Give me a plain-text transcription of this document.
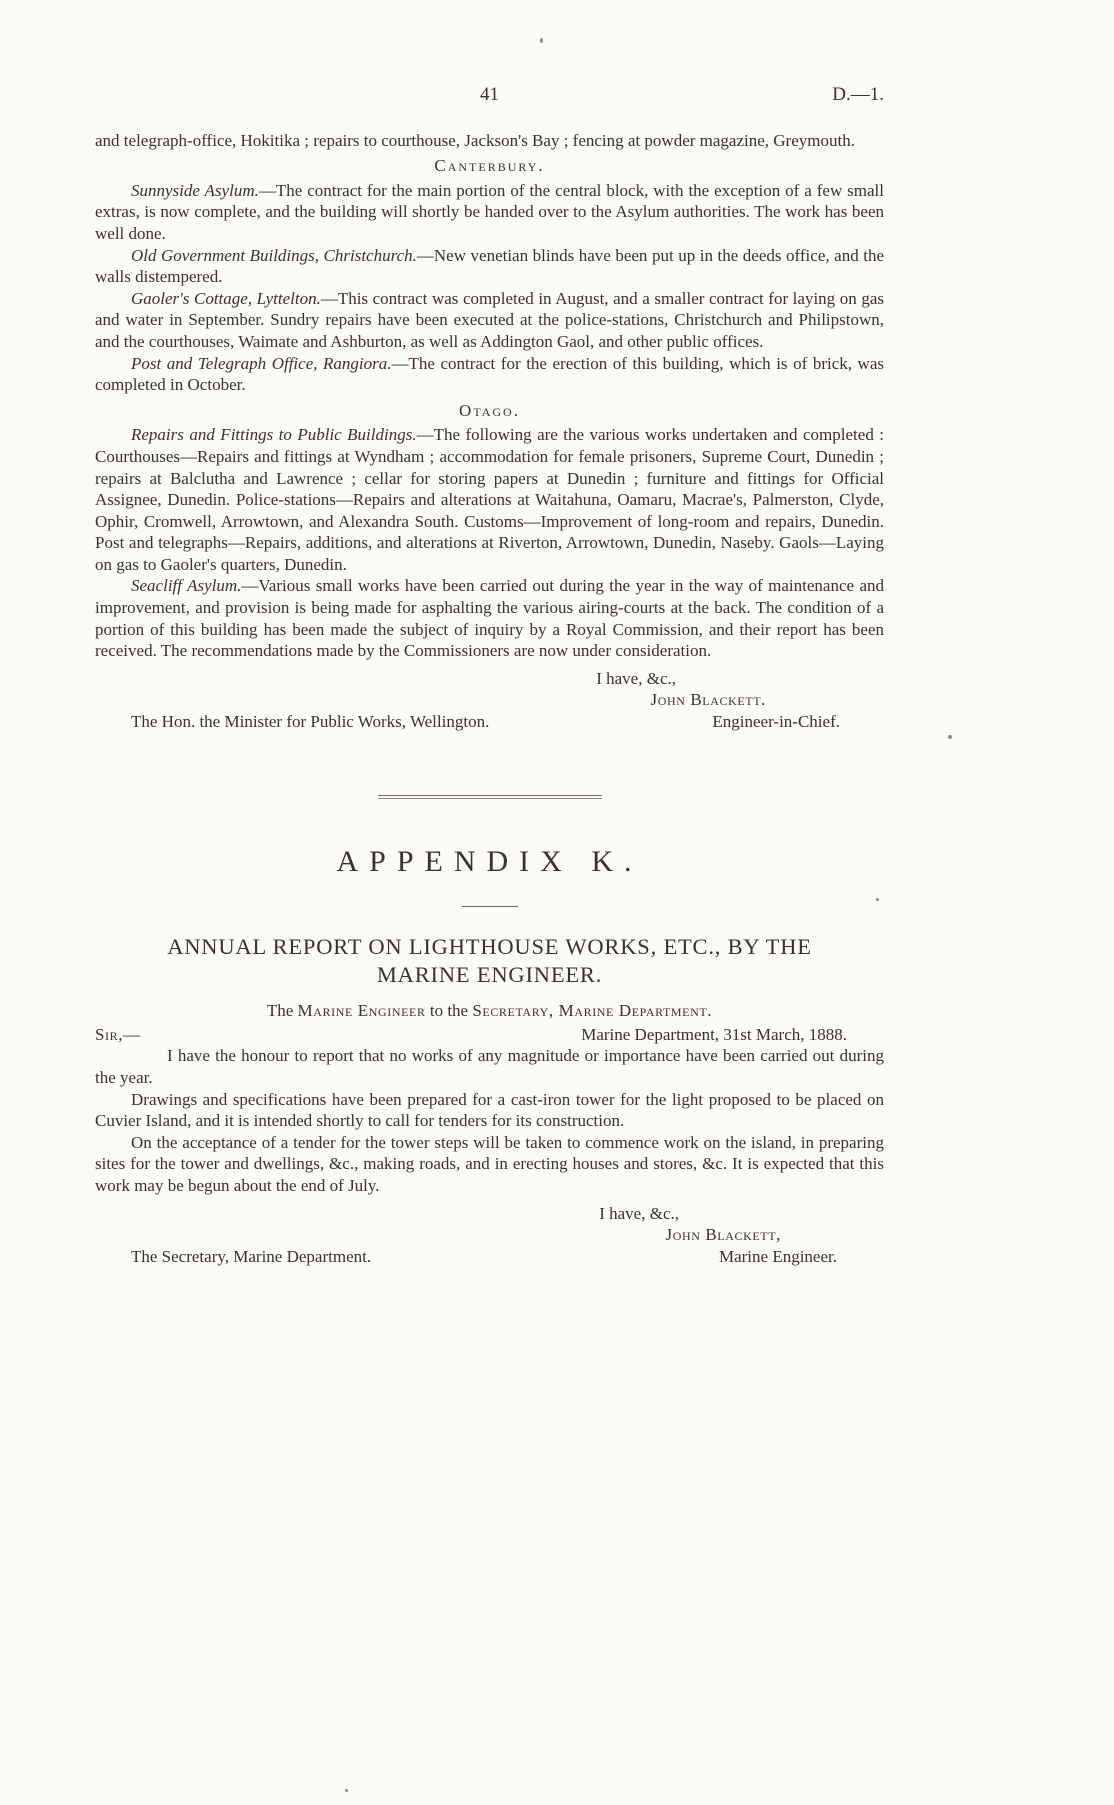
41	D.—1.

and telegraph-office, Hokitika ; repairs to courthouse, Jackson's Bay ; fencing at powder magazine, Greymouth.

Canterbury.

Sunnyside Asylum.—The contract for the main portion of the central block, with the exception of a few small extras, is now complete, and the building will shortly be handed over to the Asylum authorities. The work has been well done.

Old Government Buildings, Christchurch.—New venetian blinds have been put up in the deeds office, and the walls distempered.

Gaoler's Cottage, Lyttelton.—This contract was completed in August, and a smaller contract for laying on gas and water in September. Sundry repairs have been executed at the police-stations, Christchurch and Philipstown, and the courthouses, Waimate and Ashburton, as well as Addington Gaol, and other public offices.

Post and Telegraph Office, Rangiora.—The contract for the erection of this building, which is of brick, was completed in October.

Otago.

Repairs and Fittings to Public Buildings.—The following are the various works undertaken and completed : Courthouses—Repairs and fittings at Wyndham ; accommodation for female prisoners, Supreme Court, Dunedin ; repairs at Balclutha and Lawrence ; cellar for storing papers at Dunedin ; furniture and fittings for Official Assignee, Dunedin. Police-stations—Repairs and alterations at Waitahuna, Oamaru, Macrae's, Palmerston, Clyde, Ophir, Cromwell, Arrowtown, and Alexandra South. Customs—Improvement of long-room and repairs, Dunedin. Post and telegraphs—Repairs, additions, and alterations at Riverton, Arrowtown, Dunedin, Naseby. Gaols—Laying on gas to Gaoler's quarters, Dunedin.

Seacliff Asylum.—Various small works have been carried out during the year in the way of maintenance and improvement, and provision is being made for asphalting the various airing-courts at the back. The condition of a portion of this building has been made the subject of inquiry by a Royal Commission, and their report has been received. The recommendations made by the Commissioners are now under consideration.

I have, &c.,
John Blackett.
The Hon. the Minister for Public Works, Wellington.	Engineer-in-Chief.
APPENDIX K.
ANNUAL REPORT ON LIGHTHOUSE WORKS, ETC., BY THE
MARINE ENGINEER.
The Marine Engineer to the Secretary, Marine Department.
Sir,—	Marine Department, 31st March, 1888.

I have the honour to report that no works of any magnitude or importance have been carried out during the year.

Drawings and specifications have been prepared for a cast-iron tower for the light proposed to be placed on Cuvier Island, and it is intended shortly to call for tenders for its construction.

On the acceptance of a tender for the tower steps will be taken to commence work on the island, in preparing sites for the tower and dwellings, &c., making roads, and in erecting houses and stores, &c. It is expected that this work may be begun about the end of July.

I have, &c.,
John Blackett,
The Secretary, Marine Department.	Marine Engineer.
